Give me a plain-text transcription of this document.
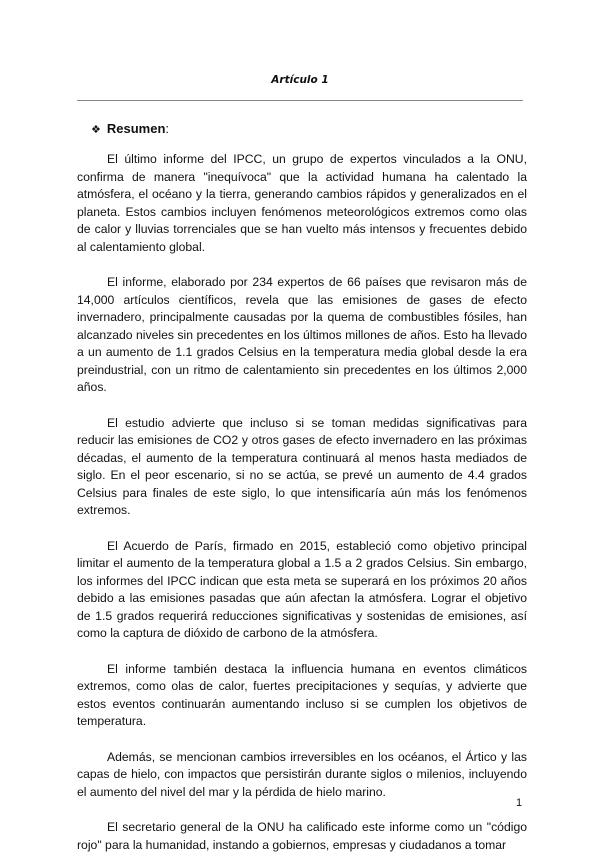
Artículo 1
❖ Resumen:

El último informe del IPCC, un grupo de expertos vinculados a la ONU, confirma de manera "inequívoca" que la actividad humana ha calentado la atmósfera, el océano y la tierra, generando cambios rápidos y generalizados en el planeta. Estos cambios incluyen fenómenos meteorológicos extremos como olas de calor y lluvias torrenciales que se han vuelto más intensos y frecuentes debido al calentamiento global.

El informe, elaborado por 234 expertos de 66 países que revisaron más de 14,000 artículos científicos, revela que las emisiones de gases de efecto invernadero, principalmente causadas por la quema de combustibles fósiles, han alcanzado niveles sin precedentes en los últimos millones de años. Esto ha llevado a un aumento de 1.1 grados Celsius en la temperatura media global desde la era preindustrial, con un ritmo de calentamiento sin precedentes en los últimos 2,000 años.

El estudio advierte que incluso si se toman medidas significativas para reducir las emisiones de CO2 y otros gases de efecto invernadero en las próximas décadas, el aumento de la temperatura continuará al menos hasta mediados de siglo. En el peor escenario, si no se actúa, se prevé un aumento de 4.4 grados Celsius para finales de este siglo, lo que intensificaría aún más los fenómenos extremos.

El Acuerdo de París, firmado en 2015, estableció como objetivo principal limitar el aumento de la temperatura global a 1.5 a 2 grados Celsius. Sin embargo, los informes del IPCC indican que esta meta se superará en los próximos 20 años debido a las emisiones pasadas que aún afectan la atmósfera. Lograr el objetivo de 1.5 grados requerirá reducciones significativas y sostenidas de emisiones, así como la captura de dióxido de carbono de la atmósfera.

El informe también destaca la influencia humana en eventos climáticos extremos, como olas de calor, fuertes precipitaciones y sequías, y advierte que estos eventos continuarán aumentando incluso si se cumplen los objetivos de temperatura.

Además, se mencionan cambios irreversibles en los océanos, el Ártico y las capas de hielo, con impactos que persistirán durante siglos o milenios, incluyendo el aumento del nivel del mar y la pérdida de hielo marino.

El secretario general de la ONU ha calificado este informe como un "código rojo" para la humanidad, instando a gobiernos, empresas y ciudadanos a tomar

1
